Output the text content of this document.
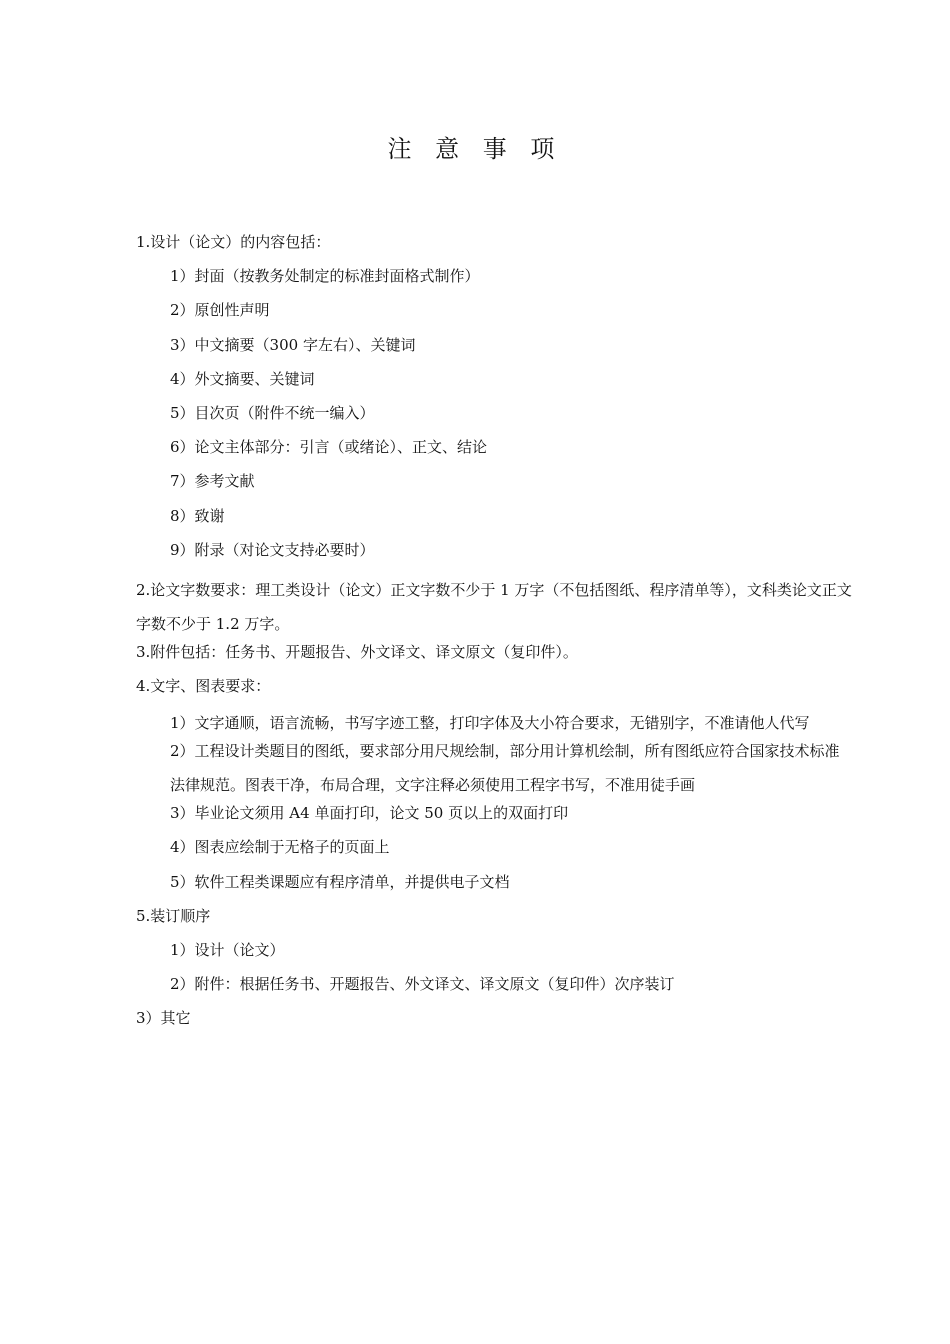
注 意 事 项
1.设计（论文）的内容包括：
1）封面（按教务处制定的标准封面格式制作）
2）原创性声明
3）中文摘要（300 字左右）、关键词
4）外文摘要、关键词
5）目次页（附件不统一编入）
6）论文主体部分：引言（或绪论）、正文、结论
7）参考文献
8）致谢
9）附录（对论文支持必要时）
2.论文字数要求：理工类设计（论文）正文字数不少于 1 万字（不包括图纸、程序清单等），文科类论文正文字数不少于 1.2 万字。
3.附件包括：任务书、开题报告、外文译文、译文原文（复印件）。
4.文字、图表要求：
1）文字通顺，语言流畅，书写字迹工整，打印字体及大小符合要求，无错别字，不准请他人代写
2）工程设计类题目的图纸，要求部分用尺规绘制，部分用计算机绘制，所有图纸应符合国家技术标准法律规范。图表干净，布局合理，文字注释必须使用工程字书写，不准用徒手画
3）毕业论文须用 A4 单面打印，论文 50 页以上的双面打印
4）图表应绘制于无格子的页面上
5）软件工程类课题应有程序清单，并提供电子文档
5.装订顺序
1）设计（论文）
2）附件：根据任务书、开题报告、外文译文、译文原文（复印件）次序装订
3）其它
